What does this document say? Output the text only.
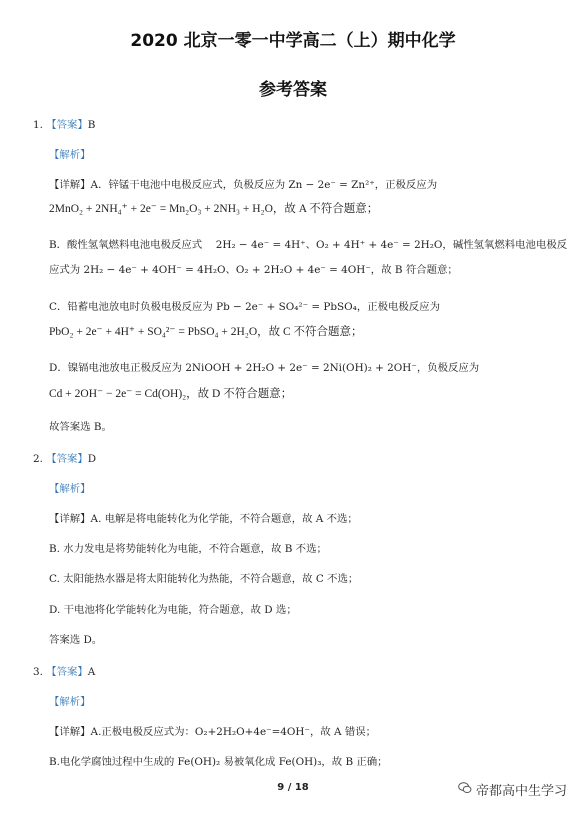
2020 北京一零一中学高二（上）期中化学
参考答案
1. 【答案】B
【解析】
【详解】A．锌锰干电池中电极反应式，负极反应为 Zn − 2e⁻ = Zn²⁺，正极反应为
2MnO₂ + 2NH₄⁺ + 2e⁻ = Mn₂O₃ + 2NH₃ + H₂O，故 A 不符合题意；
B．酸性氢氧燃料电池电极反应式　 2H₂ − 4e⁻ = 4H⁺、O₂ + 4H⁺ + 4e⁻ = 2H₂O，碱性氢氧燃料电池电极反
应式为 2H₂ − 4e⁻ + 4OH⁻ = 4H₂O、O₂ + 2H₂O + 4e⁻ = 4OH⁻，故 B 符合题意；
C．铅蓄电池放电时负极电极反应为 Pb − 2e⁻ + SO₄²⁻ = PbSO₄，正极电极反应为
PbO₂ + 2e⁻ + 4H⁺ + SO₄²⁻ = PbSO₄ + 2H₂O，故 C 不符合题意；
D．镍镉电池放电正极反应为 2NiOOH + 2H₂O + 2e⁻ = 2Ni(OH)₂ + 2OH⁻，负极反应为
Cd + 2OH⁻ − 2e⁻ = Cd(OH)₂，故 D 不符合题意；
故答案选 B。
2. 【答案】D
【解析】
【详解】A. 电解是将电能转化为化学能，不符合题意，故 A 不选；
B. 水力发电是将势能转化为电能，不符合题意，故 B 不选；
C. 太阳能热水器是将太阳能转化为热能，不符合题意，故 C 不选；
D. 干电池将化学能转化为电能，符合题意，故 D 选；
答案选 D。
3. 【答案】A
【解析】
【详解】A.正极电极反应式为：O₂+2H₂O+4e⁻=4OH⁻，故 A 错误；
B.电化学腐蚀过程中生成的 Fe(OH)₂ 易被氧化成 Fe(OH)₃，故 B 正确；
9 / 18	帝都高中生学习
